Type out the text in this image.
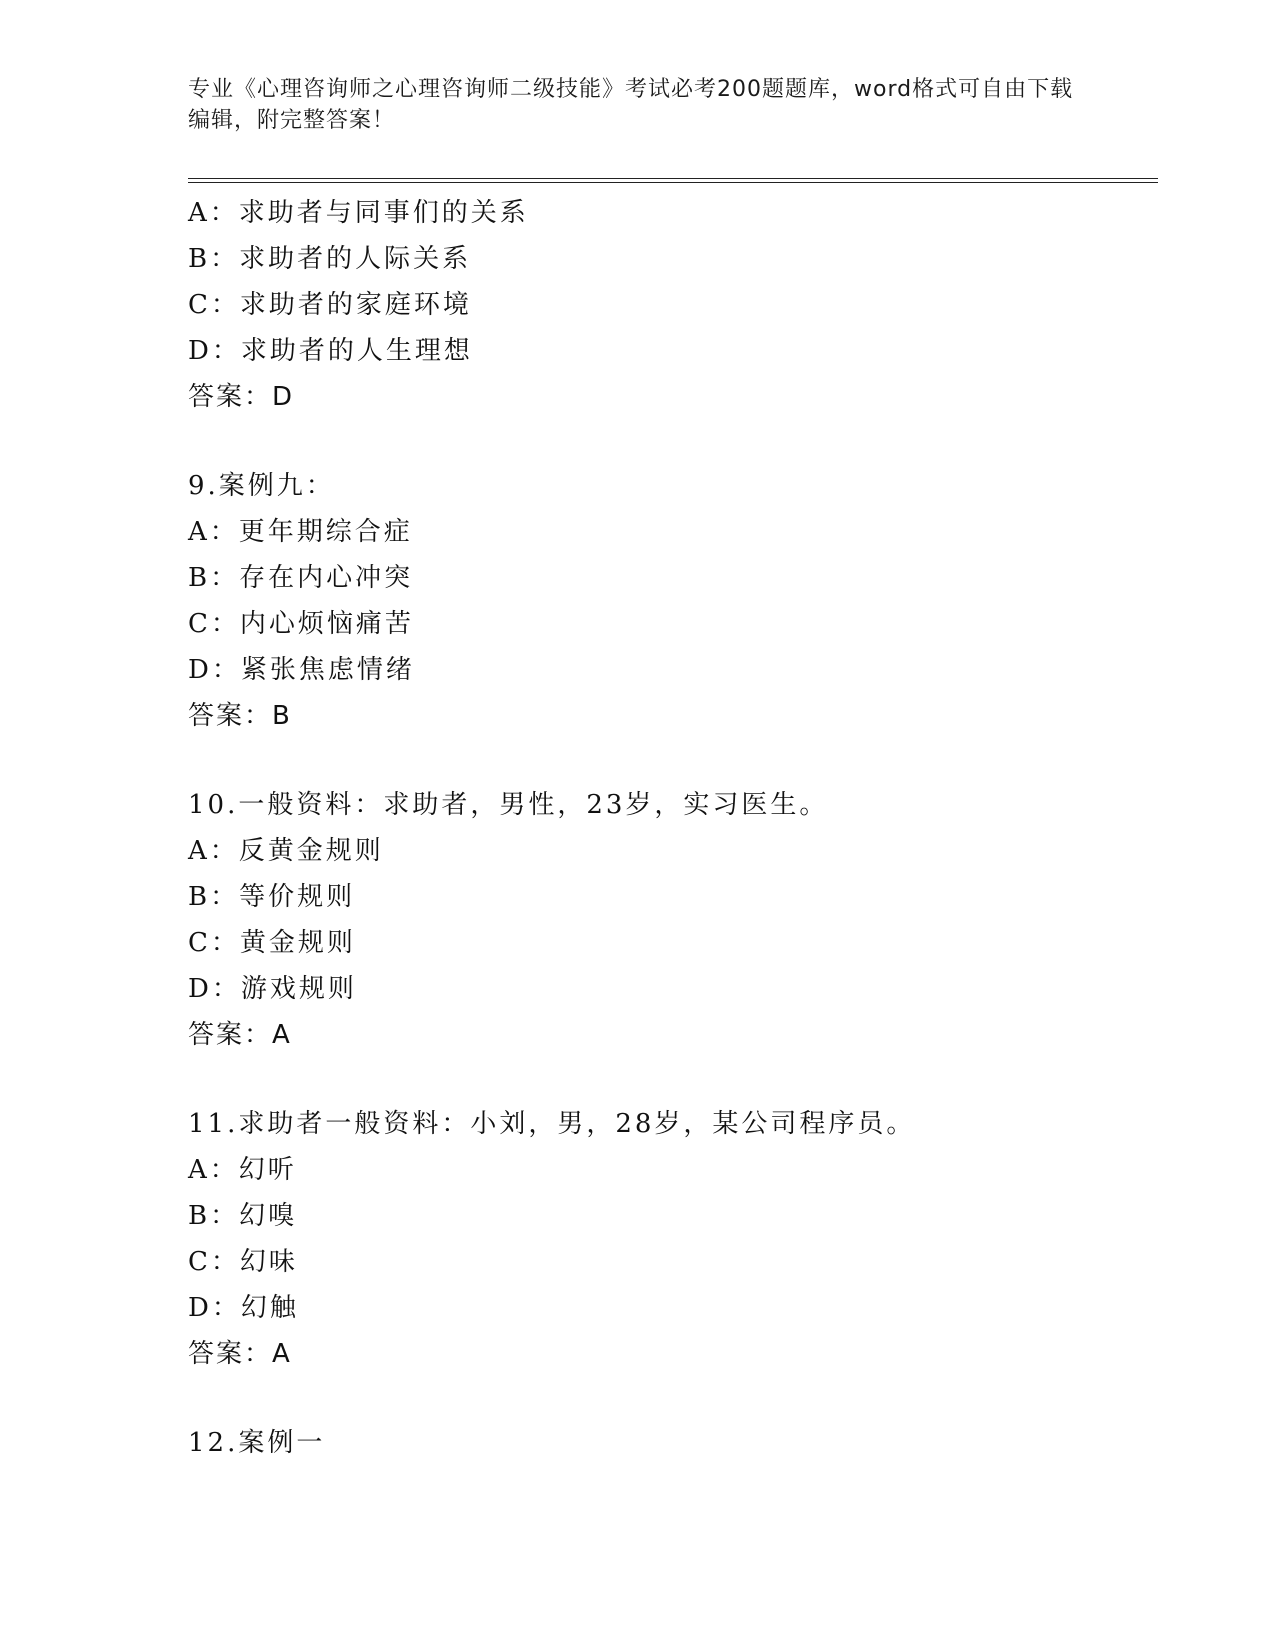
专业《心理咨询师之心理咨询师二级技能》考试必考200题题库，word格式可自由下载编辑，附完整答案！
A：求助者与同事们的关系
B：求助者的人际关系
C：求助者的家庭环境
D：求助者的人生理想
答案：D
9.案例九：
A：更年期综合症
B：存在内心冲突
C：内心烦恼痛苦
D：紧张焦虑情绪
答案：B
10.一般资料：求助者，男性，23岁，实习医生。
A：反黄金规则
B：等价规则
C：黄金规则
D：游戏规则
答案：A
11.求助者一般资料：小刘，男，28岁，某公司程序员。
A：幻听
B：幻嗅
C：幻味
D：幻触
答案：A
12.案例一
